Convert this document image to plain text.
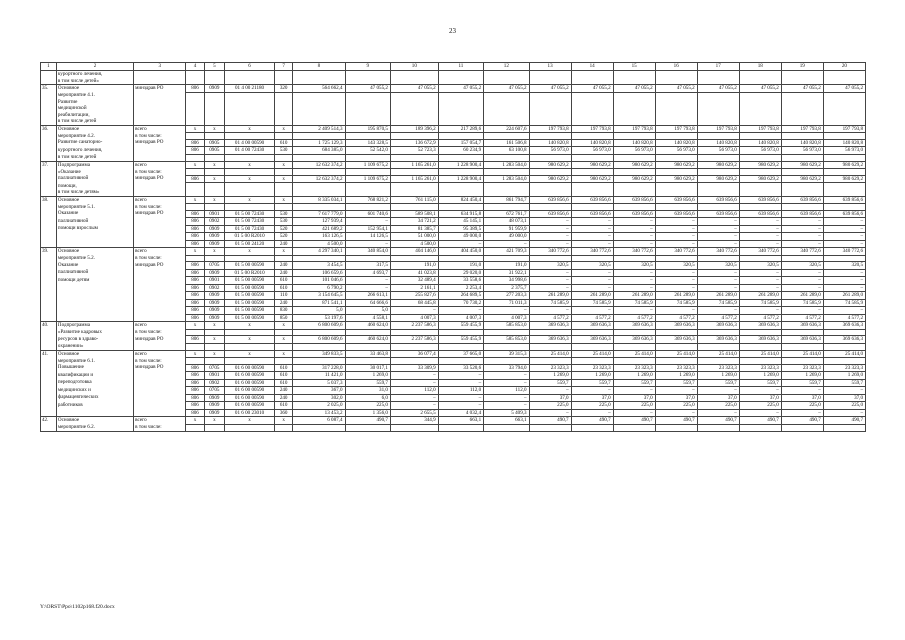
23
1	2	3	4	5	6	7	8	9	10	11	12	13	14	15	16	17	18	19	20
	курортного лечения,																		
	в том числе детей»																		
35.	Основное	минздрав РО	806	0909	01 4 00 21180	320	564 662,4	47 055,2	47 055,2	47 055,2	47 055,2	47 055,2	47 055,2	47 055,2	47 055,2	47 055,2	47 055,2	47 055,2	47 055,2
	мероприятие 4.1.																		
	Развитие																		
	медицинской																		
	реабилитации,																		
	в том числе детей																		
36.	Основное	всего	х	х	х	х	2 409 514,3	195 870,5	189 396,2	217 289,6	224 607,6	197 793,8	197 793,8	197 793,8	197 793,8	197 793,8	197 793,8	197 793,8	197 793,8
	мероприятие 4.2.	в том числе:																	
	Развитие санаторно-	минздрав РО	806	0905	01 4 00 00590	610	1 725 129,3	143 328,5	136 672,9	157 054,7	161 506,8	140 820,8	140 820,8	140 820,8	140 820,8	140 820,8	140 820,8	140 820,8	140 820,8
	курортного лечения,		806	0905	01 4 00 72430	530	684 385,0	52 542,0	52 723,3	60 234,9	63 100,8	56 973,0	56 973,0	56 973,0	56 973,0	56 973,0	56 973,0	56 973,0	56 973,0
	в том числе детей																		
37.	Подпрограмма	всего	х	х	х	х	12 632 374,2	1 109 675,2	1 165 261,0	1 228 900,4	1 283 504,0	980 629,2	980 629,2	980 629,2	980 629,2	980 629,2	980 629,2	980 629,2	980 629,2
	«Оказание	в том числе:																	
	паллиативной	минздрав РО	806	х	х	х	12 632 374,2	1 109 675,2	1 165 261,0	1 228 900,4	1 283 504,0	980 629,2	980 629,2	980 629,2	980 629,2	980 629,2	980 629,2	980 629,2	980 629,2
	помощи,																		
	в том числе детям»																		
38.	Основное	всего	х	х	х	х	8 335 034,1	768 821,2	761 115,0	824 450,4	861 794,7	639 856,6	639 856,6	639 856,6	639 856,6	639 856,6	639 856,6	639 856,6	639 856,6
	мероприятие 5.1.	в том числе:																	
	Оказание	минздрав РО	806	0901	01 5 00 72430	530	7 617 779,0	601 740,6	589 508,1	634 915,8	672 761,7	639 856,6	639 856,6	639 856,6	639 856,6	639 856,6	639 856,6	639 856,6	639 856,6
	паллиативной		806	0902	01 5 00 72430	530	127 939,4	–	34 721,2	45 145,1	48 073,1	–	–	–	–	–	–	–	–
	помощи взрослым		806	0909	01 5 00 72430	520	421 689,2	152 954,1	81 385,7	95 389,5	91 959,9	–	–	–	–	–	–	–	–
			806	0909	01 5 00 R2010	520	163 126,5	14 126,5	51 000,0	49 000,0	49 000,0	–	–	–	–	–	–	–	–
			806	0909	01 5 00 24120	240	4 500,0	–	4 500,0	–	–	–	–	–	–	–	–	–	–
39.	Основное	всего	х	х	х	х	4 297 340,1	340 854,0	404 146,0	404 450,0	421 709,3	340 772,6	340 772,6	340 772,6	340 772,6	340 772,6	340 772,6	340 772,6	340 772,6
	мероприятие 5.2.	в том числе:																	
	Оказание	минздрав РО	806	0705	01 5 00 00590	240	3 454,5	317,5	191,0	191,0	191,0	320,5	320,5	320,5	320,5	320,5	320,5	320,5	320,5
	паллиативной		806	0909	01 5 00 R2010	240	106 659,6	4 693,7	41 023,8	29 020,0	31 922,1	–	–	–	–	–	–	–	–
	помощи детям		806	0901	01 5 00 00590	610	101 046,6	–	32 489,4	33 558,6	34 998,6	–	–	–	–	–	–	–	–
			806	0902	01 5 00 00590	610	6 790,2	–	2 161,1	2 253,4	2 375,7	–	–	–	–	–	–	–	–
			806	0909	01 5 00 00590	110	3 154 645,5	266 613,1	255 827,6	264 689,5	277 203,3	261 289,0	261 289,0	261 289,0	261 289,0	261 289,0	261 289,0	261 289,0	261 289,0
			806	0909	01 5 00 00590	240	871 541,1	64 666,6	68 445,8	70 730,2	71 011,3	74 585,9	74 585,9	74 585,9	74 585,9	74 585,9	74 585,9	74 585,9	74 585,9
			806	0909	01 5 00 00590	830	5,0	5,0	–	–	–	–	–	–	–	–	–	–	–
			806	0909	01 5 00 00590	850	53 197,6	4 558,1	4 007,3	4 007,3	4 007,3	4 577,2	4 577,2	4 577,2	4 577,2	4 577,2	4 577,2	4 577,2	4 577,2
40.	Подпрограмма	всего	х	х	х	х	6 800 609,6	460 624,0	2 237 586,3	559 455,9	585 853,0	369 636,3	369 636,3	369 636,3	369 636,3	369 636,3	369 636,3	369 636,3	369 636,3
	«Развитие кадровых	в том числе:																	
	ресурсов в здраво-	минздрав РО	806	х	х	х	6 800 609,6	460 624,0	2 237 586,3	559 455,9	585 853,0	369 636,3	369 636,3	369 636,3	369 636,3	369 636,3	369 636,3	369 636,3	369 636,3
	охранении»																		
41.	Основное	всего	х	х	х	х	349 833,5	33 463,8	36 077,4	37 665,0	39 315,3	25 414,0	25 414,0	25 414,0	25 414,0	25 414,0	25 414,0	25 414,0	25 414,0
	мероприятие 6.1.	в том числе:																	
	Повышение	минздрав РО	806	0705	01 6 00 00590	610	317 228,0	30 017,1	33 309,9	33 520,6	33 794,0	23 323,3	23 323,3	23 323,3	23 323,3	23 323,3	23 323,3	23 323,3	23 323,3
	квалификации и		806	0901	01 6 00 00590	610	11 421,0	1 269,0	–	–	–	1 269,0	1 269,0	1 269,0	1 269,0	1 269,0	1 269,0	1 269,0	1 269,0
	переподготовка		806	0902	01 6 00 00590	610	5 037,3	559,7	–	–	–	559,7	559,7	559,7	559,7	559,7	559,7	559,7	559,7
	медицинских и		806	0705	01 6 00 00590	240	367,0	31,0	112,0	112,0	112,0	–	–	–	–	–	–	–	–
	фармацевтических		806	0909	01 6 00 00590	240	302,0	6,0	–	–	–	37,0	37,0	37,0	37,0	37,0	37,0	37,0	37,0
	работников		806	0909	01 6 00 00590	610	2 025,0	225,0	–	–	–	225,0	225,0	225,0	225,0	225,0	225,0	225,0	225,0
			806	0909	01 6 00 23010	360	13 453,2	1 356,0	2 655,5	4 032,4	5 409,3	–	–	–	–	–	–	–	–
42.	Основное	всего	х	х	х	х	6 087,4	490,7	344,9	663,1	663,1	490,7	490,7	490,7	490,7	490,7	490,7	490,7	490,7
	мероприятие 6.2.	в том числе:																	
Y:\ORST\Ppo\1102p168.f20.docx
